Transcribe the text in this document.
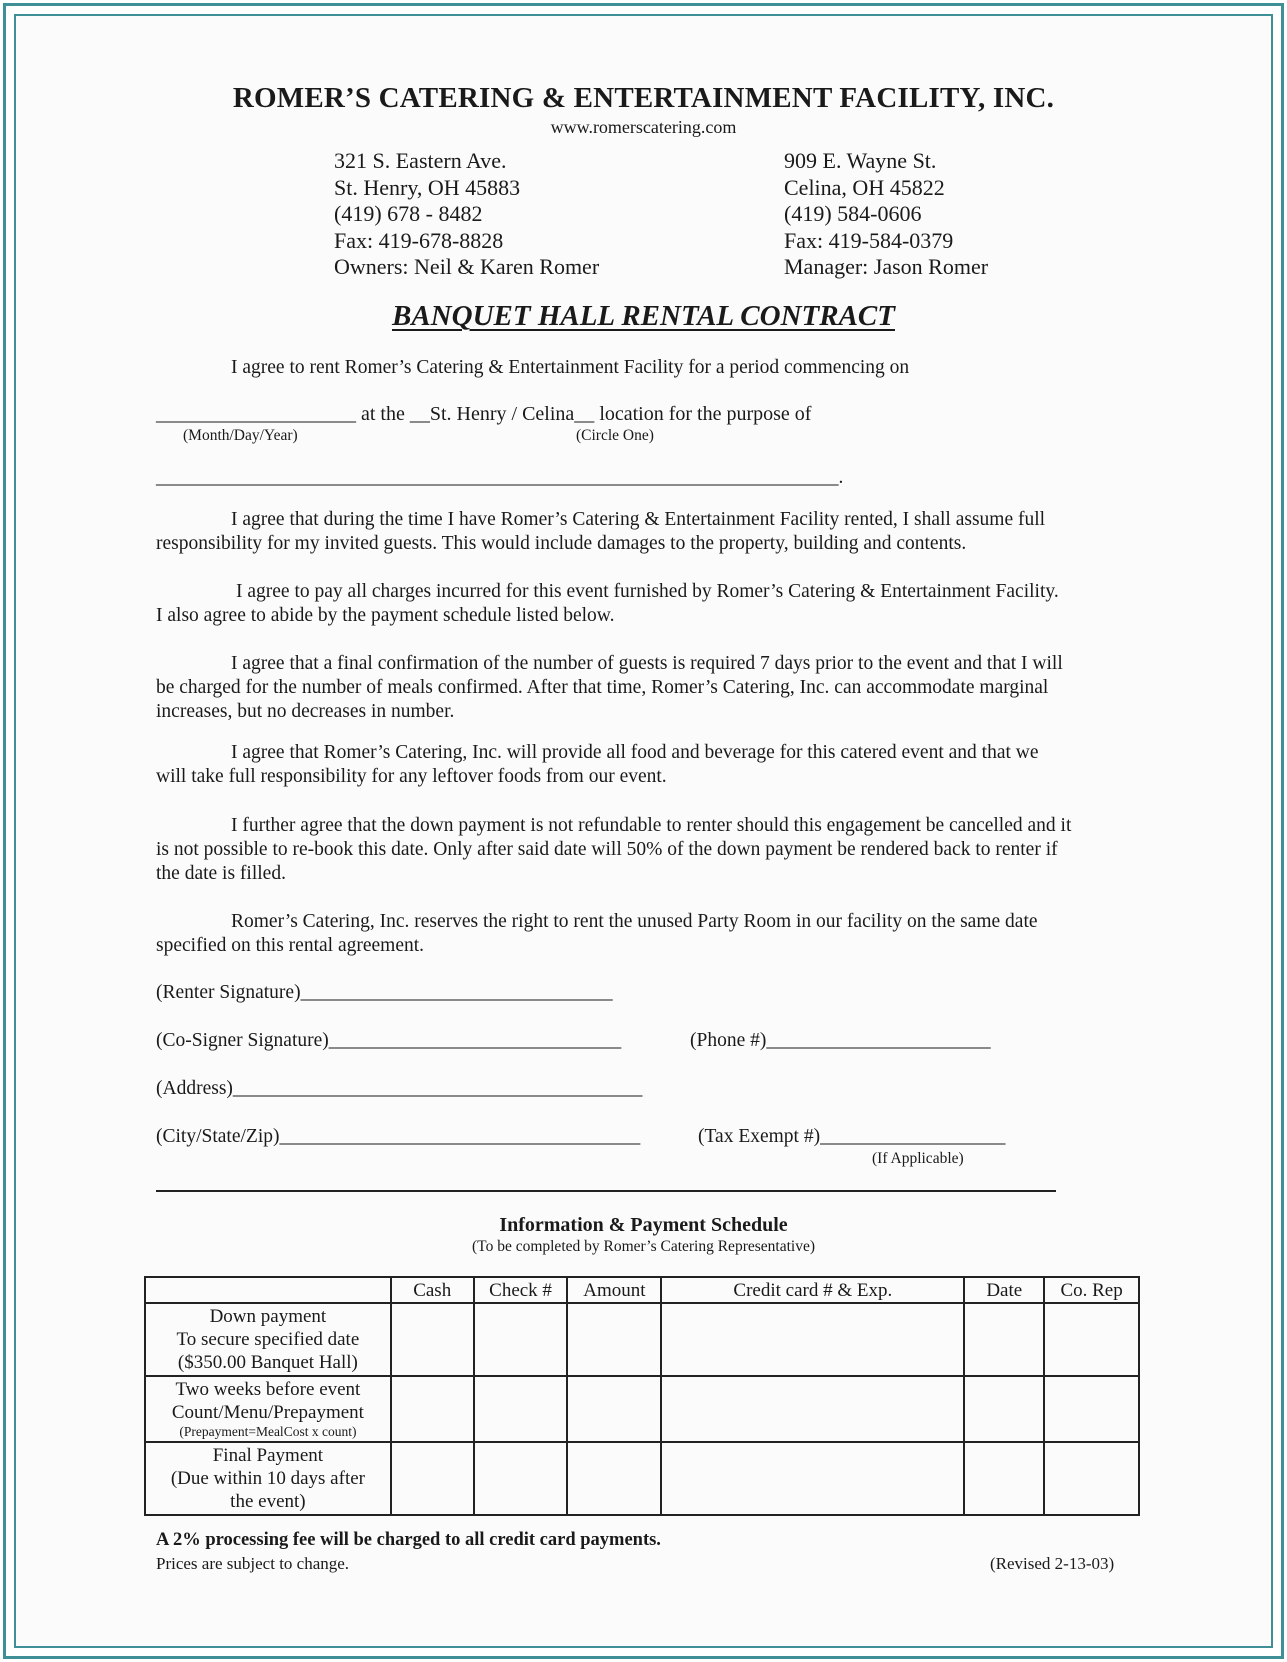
ROMER’S CATERING & ENTERTAINMENT FACILITY, INC.
www.romerscatering.com
321 S. Eastern Ave.
St. Henry, OH 45883
(419) 678 - 8482
Fax: 419-678-8828
Owners: Neil & Karen Romer
909 E. Wayne St.
Celina, OH 45822
(419) 584-0606
Fax: 419-584-0379
Manager: Jason Romer
BANQUET HALL RENTAL CONTRACT
I agree to rent Romer’s Catering & Entertainment Facility for a period commencing on
____________________ at the __St. Henry / Celina__ location for the purpose of
(Month/Day/Year)	(Circle One)
______________________________________________________________________.
I agree that during the time I have Romer’s Catering & Entertainment Facility rented, I shall assume full
responsibility for my invited guests. This would include damages to the property, building and contents.
I agree to pay all charges incurred for this event furnished by Romer’s Catering & Entertainment Facility.
I also agree to abide by the payment schedule listed below.
I agree that a final confirmation of the number of guests is required 7 days prior to the event and that I will
be charged for the number of meals confirmed. After that time, Romer’s Catering, Inc. can accommodate marginal
increases, but no decreases in number.
I agree that Romer’s Catering, Inc. will provide all food and beverage for this catered event and that we
will take full responsibility for any leftover foods from our event.
I further agree that the down payment is not refundable to renter should this engagement be cancelled and it
is not possible to re-book this date. Only after said date will 50% of the down payment be rendered back to renter if
the date is filled.
Romer’s Catering, Inc. reserves the right to rent the unused Party Room in our facility on the same date
specified on this rental agreement.
(Renter Signature)________________________________
(Co-Signer Signature)______________________________	(Phone #)_______________________
(Address)__________________________________________
(City/State/Zip)_____________________________________	(Tax Exempt #)___________________
(If Applicable)
Information & Payment Schedule
(To be completed by Romer’s Catering Representative)
	Cash	Check #	Amount	Credit card # & Exp.	Date	Co. Rep

Down payment
To secure specified date
($350.00 Banquet Hall)						

Two weeks before event
Count/Menu/Prepayment
(Prepayment=MealCost x count)						

Final Payment
(Due within 10 days after
the event)						

A 2% processing fee will be charged to all credit card payments.
Prices are subject to change.	(Revised 2-13-03)
